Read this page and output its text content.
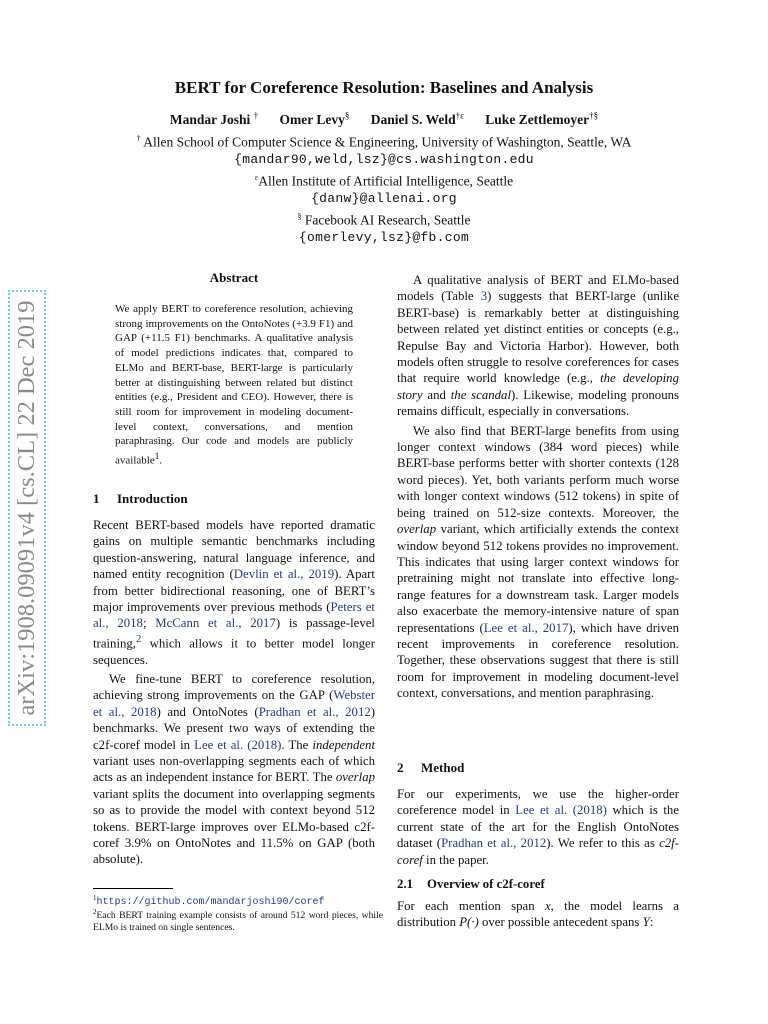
arXiv:1908.09091v4 [cs.CL] 22 Dec 2019
BERT for Coreference Resolution: Baselines and Analysis
Mandar Joshi † Omer Levy§ Daniel S. Weld$^{\dagger\varepsilon}$ Luke Zettlemoyer†§
† Allen School of Computer Science & Engineering, University of Washington, Seattle, WA
{mandar90,weld,lsz}@cs.washington.edu
$^\varepsilon$Allen Institute of Artificial Intelligence, Seattle
{danw}@allenai.org
§ Facebook AI Research, Seattle
{omerlevy,lsz}@fb.com
Abstract

We apply BERT to coreference resolution, achieving strong improvements on the OntoNotes (+3.9 F1) and GAP (+11.5 F1) benchmarks. A qualitative analysis of model predictions indicates that, compared to ELMo and BERT-base, BERT-large is particularly better at distinguishing between related but distinct entities (e.g., President and CEO). However, there is still room for improvement in modeling document-level context, conversations, and mention paraphrasing. Our code and models are publicly available$^1$.

1 Introduction

Recent BERT-based models have reported dramatic gains on multiple semantic benchmarks including question-answering, natural language inference, and named entity recognition (Devlin et al., 2019). Apart from better bidirectional reasoning, one of BERT’s major improvements over previous methods (Peters et al., 2018; McCann et al., 2017) is passage-level training,$^2$ which allows it to better model longer sequences.

We fine-tune BERT to coreference resolution, achieving strong improvements on the GAP (Webster et al., 2018) and OntoNotes (Pradhan et al., 2012) benchmarks. We present two ways of extending the c2f-coref model in Lee et al. (2018). The independent variant uses non-overlapping segments each of which acts as an independent instance for BERT. The overlap variant splits the document into overlapping segments so as to provide the model with context beyond 512 tokens. BERT-large improves over ELMo-based c2f-coref 3.9% on OntoNotes and 11.5% on GAP (both absolute).

A qualitative analysis of BERT and ELMo-based models (Table 3) suggests that BERT-large (unlike BERT-base) is remarkably better at distinguishing between related yet distinct entities or concepts (e.g., Repulse Bay and Victoria Harbor). However, both models often struggle to resolve coreferences for cases that require world knowledge (e.g., the developing story and the scandal). Likewise, modeling pronouns remains difficult, especially in conversations.

We also find that BERT-large benefits from using longer context windows (384 word pieces) while BERT-base performs better with shorter contexts (128 word pieces). Yet, both variants perform much worse with longer context windows (512 tokens) in spite of being trained on 512-size contexts. Moreover, the overlap variant, which artificially extends the context window beyond 512 tokens provides no improvement. This indicates that using larger context windows for pretraining might not translate into effective long-range features for a downstream task. Larger models also exacerbate the memory-intensive nature of span representations (Lee et al., 2017), which have driven recent improvements in coreference resolution. Together, these observations suggest that there is still room for improvement in modeling document-level context, conversations, and mention paraphrasing.

2 Method

For our experiments, we use the higher-order coreference model in Lee et al. (2018) which is the current state of the art for the English OntoNotes dataset (Pradhan et al., 2012). We refer to this as c2f-coref in the paper.

2.1 Overview of c2f-coref

For each mention span x, the model learns a distribution P(·) over possible antecedent spans Y:

$^1$https://github.com/mandarjoshi90/coref
$^2$Each BERT training example consists of around 512 word pieces, while ELMo is trained on single sentences.
